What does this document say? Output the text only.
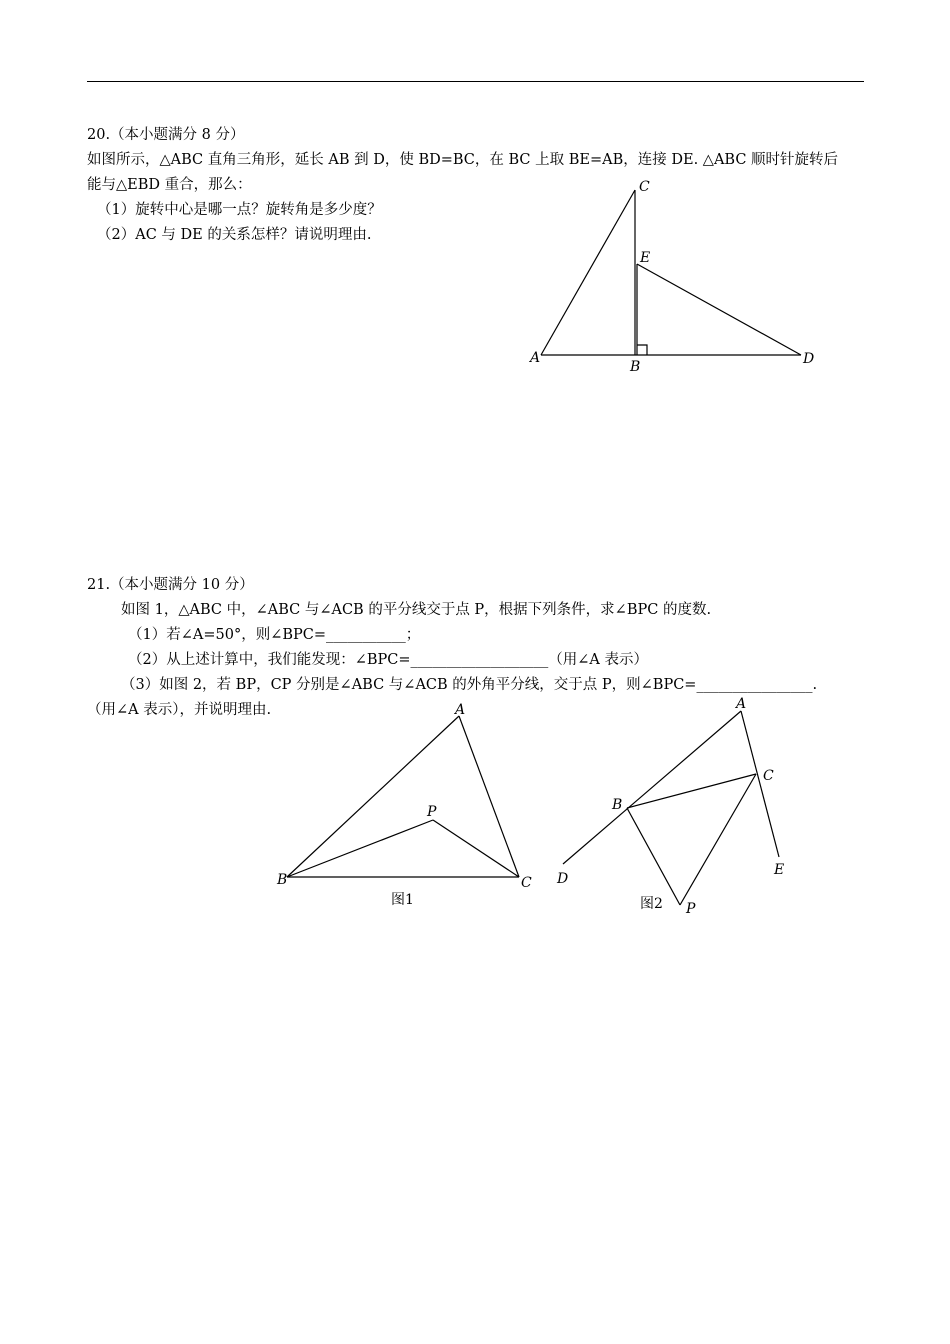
20.（本小题满分 8 分）
如图所示，△ABC 直角三角形，延长 AB 到 D，使 BD=BC，在 BC 上取 BE=AB，连接 DE. △ABC 顺时针旋转后
能与△EBD 重合，那么：
（1）旋转中心是哪一点？旋转角是多少度？
（2）AC 与 DE 的关系怎样？请说明理由.
C
E
A
B	D
21.（本小题满分 10 分）
如图 1，△ABC 中，∠ABC 与∠ACB 的平分线交于点 P，根据下列条件，求∠BPC 的度数.
（1）若∠A=50°，则∠BPC=___________；
（2）从上述计算中，我们能发现：∠BPC=___________________（用∠A 表示）
（3）如图 2，若 BP，CP 分别是∠ABC 与∠ACB 的外角平分线，交于点 P，则∠BPC=________________.
（用∠A 表示），并说明理由.	A
P
B	C
图1
A
C
B
D
E
P
图2
